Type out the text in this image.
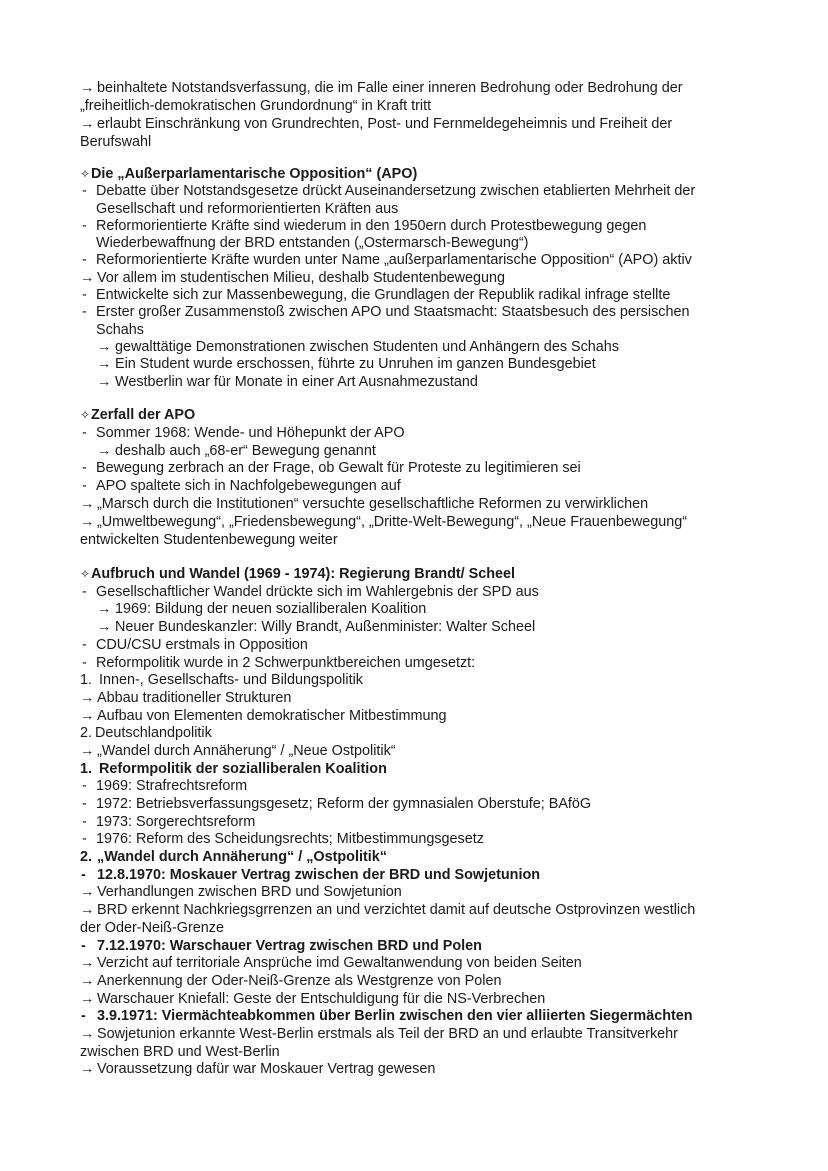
→ beinhaltete Notstandsverfassung, die im Falle einer inneren Bedrohung oder Bedrohung der
„freiheitlich-demokratischen Grundordnung“ in Kraft tritt
→ erlaubt Einschränkung von Grundrechten, Post- und Fernmeldegeheimnis und Freiheit der
Berufswahl
✧Die „Außerparlamentarische Opposition“ (APO)
- Debatte über Notstandsgesetze drückt Auseinandersetzung zwischen etablierten Mehrheit der
Gesellschaft und reformorientierten Kräften aus
- Reformorientierte Kräfte sind wiederum in den 1950ern durch Protestbewegung gegen
Wiederbewaffnung der BRD entstanden („Ostermarsch-Bewegung“)
- Reformorientierte Kräfte wurden unter Name „außerparlamentarische Opposition“ (APO) aktiv
→ Vor allem im studentischen Milieu, deshalb Studentenbewegung
- Entwickelte sich zur Massenbewegung, die Grundlagen der Republik radikal infrage stellte
- Erster großer Zusammenstoß zwischen APO und Staatsmacht: Staatsbesuch des persischen
Schahs
→ gewalttätige Demonstrationen zwischen Studenten und Anhängern des Schahs
→ Ein Student wurde erschossen, führte zu Unruhen im ganzen Bundesgebiet
→ Westberlin war für Monate in einer Art Ausnahmezustand
✧Zerfall der APO
- Sommer 1968: Wende- und Höhepunkt der APO
→ deshalb auch „68-er“ Bewegung genannt
- Bewegung zerbrach an der Frage, ob Gewalt für Proteste zu legitimieren sei
- APO spaltete sich in Nachfolgebewegungen auf
→ „Marsch durch die Institutionen“ versuchte gesellschaftliche Reformen zu verwirklichen
→ „Umweltbewegung“, „Friedensbewegung“, „Dritte-Welt-Bewegung“, „Neue Frauenbewegung“
entwickelten Studentenbewegung weiter
✧Aufbruch und Wandel (1969 - 1974): Regierung Brandt/ Scheel
- Gesellschaftlicher Wandel drückte sich im Wahlergebnis der SPD aus
→ 1969: Bildung der neuen sozialliberalen Koalition
→ Neuer Bundeskanzler: Willy Brandt, Außenminister: Walter Scheel
- CDU/CSU erstmals in Opposition
- Reformpolitik wurde in 2 Schwerpunktbereichen umgesetzt:
1. Innen-, Gesellschafts- und Bildungspolitik
→ Abbau traditioneller Strukturen
→ Aufbau von Elementen demokratischer Mitbestimmung
2. Deutschlandpolitik
→ „Wandel durch Annäherung“ / „Neue Ostpolitik“
1. Reformpolitik der sozialliberalen Koalition
- 1969: Strafrechtsreform
- 1972: Betriebsverfassungsgesetz; Reform der gymnasialen Oberstufe; BAföG
- 1973: Sorgerechtsreform
- 1976: Reform des Scheidungsrechts; Mitbestimmungsgesetz
2. „Wandel durch Annäherung“ / „Ostpolitik“
- 12.8.1970: Moskauer Vertrag zwischen der BRD und Sowjetunion
→ Verhandlungen zwischen BRD und Sowjetunion
→ BRD erkennt Nachkriegsgrrenzen an und verzichtet damit auf deutsche Ostprovinzen westlich
der Oder-Neiß-Grenze
- 7.12.1970: Warschauer Vertrag zwischen BRD und Polen
→ Verzicht auf territoriale Ansprüche imd Gewaltanwendung von beiden Seiten
→ Anerkennung der Oder-Neiß-Grenze als Westgrenze von Polen
→ Warschauer Kniefall: Geste der Entschuldigung für die NS-Verbrechen
- 3.9.1971: Viermächteabkommen über Berlin zwischen den vier alliierten Siegermächten
→ Sowjetunion erkannte West-Berlin erstmals als Teil der BRD an und erlaubte Transitverkehr
zwischen BRD und West-Berlin
→ Voraussetzung dafür war Moskauer Vertrag gewesen
